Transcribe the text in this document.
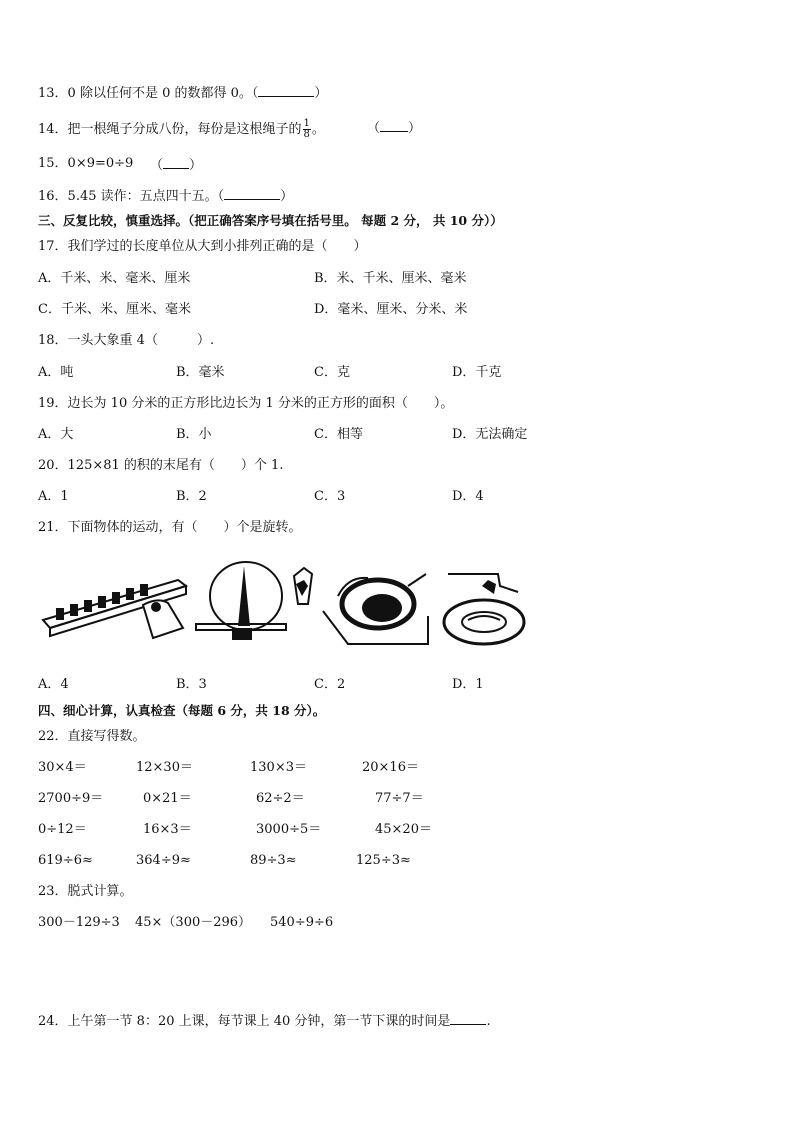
13．0 除以任何不是 0 的数都得 0。（	）
14．把一根绳子分成八份，每份是这根绳子的 $\frac{1}{8}$ 。	（ ）
15．0×9=0÷9 （ ）
16．5.45 读作：五点四十五。（	）
三、反复比较，慎重选择。（把正确答案序号填在括号里。 每题 2 分， 共 10 分））
17．我们学过的长度单位从大到小排列正确的是（　　）
A．千米、米、毫米、厘米	B．米、千米、厘米、毫米
C．千米、米、厘米、毫米	D．毫米、厘米、分米、米
18．一头大象重 4（　　　）.
A．吨	B．毫米	C．克	D．千克
19．边长为 10 分米的正方形比边长为 1 分米的正方形的面积（　　）。
A．大	B．小	C．相等	D．无法确定
20．125×81 的积的末尾有（　　）个 1.
A．1	B．2	C．3	D．4
21．下面物体的运动，有（　　）个是旋转。
A．4	B．3	C．2	D．1
四、细心计算，认真检查（每题 6 分，共 18 分）。
22．直接写得数。
30×4＝	12×30＝	130×3＝	20×16＝
2700÷9＝	0×21＝	62÷2＝	77÷7＝
0÷12＝	16×3＝	3000÷5＝	45×20＝
619÷6≈	364÷9≈	89÷3≈	125÷3≈
23．脱式计算。
300－129÷3 45×（300－296） 540÷9÷6
24．上午第一节 8：20 上课，每节课上 40 分钟，第一节下课的时间是	.
